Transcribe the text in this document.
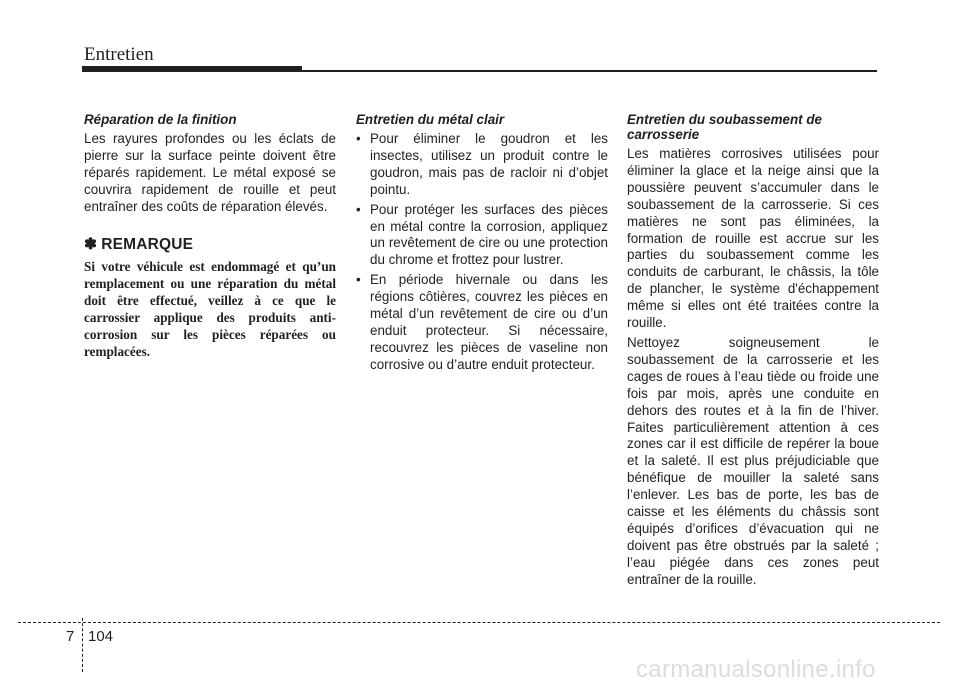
Entretien
Réparation de la finition

Les rayures profondes ou les éclats de pierre sur la surface peinte doivent être réparés rapidement. Le métal exposé se couvrira rapidement de rouille et peut entraîner des coûts de réparation élevés.

✽ REMARQUE

Si votre véhicule est endommagé et qu’un remplacement ou une réparation du métal doit être effectué, veillez à ce que le carrossier applique des produits anti-corrosion sur les pièces réparées ou remplacées.

Entretien du métal clair
• Pour éliminer le goudron et les insectes, utilisez un produit contre le goudron, mais pas de racloir ni d’objet pointu.
• Pour protéger les surfaces des pièces en métal contre la corrosion, appliquez un revêtement de cire ou une protection du chrome et frottez pour lustrer.
• En période hivernale ou dans les régions côtières, couvrez les pièces en métal d’un revêtement de cire ou d’un enduit protecteur. Si nécessaire, recouvrez les pièces de vaseline non corrosive ou d’autre enduit protecteur.
Entretien du soubassement de carrosserie

Les matières corrosives utilisées pour éliminer la glace et la neige ainsi que la poussière peuvent s’accumuler dans le soubassement de la carrosserie. Si ces matières ne sont pas éliminées, la formation de rouille est accrue sur les parties du soubassement comme les conduits de carburant, le châssis, la tôle de plancher, le système d'échappement même si elles ont été traitées contre la rouille.

Nettoyez soigneusement le soubassement de la carrosserie et les cages de roues à l’eau tiède ou froide une fois par mois, après une conduite en dehors des routes et à la fin de l’hiver. Faites particulièrement attention à ces zones car il est difficile de repérer la boue et la saleté. Il est plus préjudiciable que bénéfique de mouiller la saleté sans l’enlever. Les bas de porte, les bas de caisse et les éléments du châssis sont équipés d’orifices d’évacuation qui ne doivent pas être obstrués par la saleté ; l’eau piégée dans ces zones peut entraîner de la rouille.

7 104
carmanualsonline.info
